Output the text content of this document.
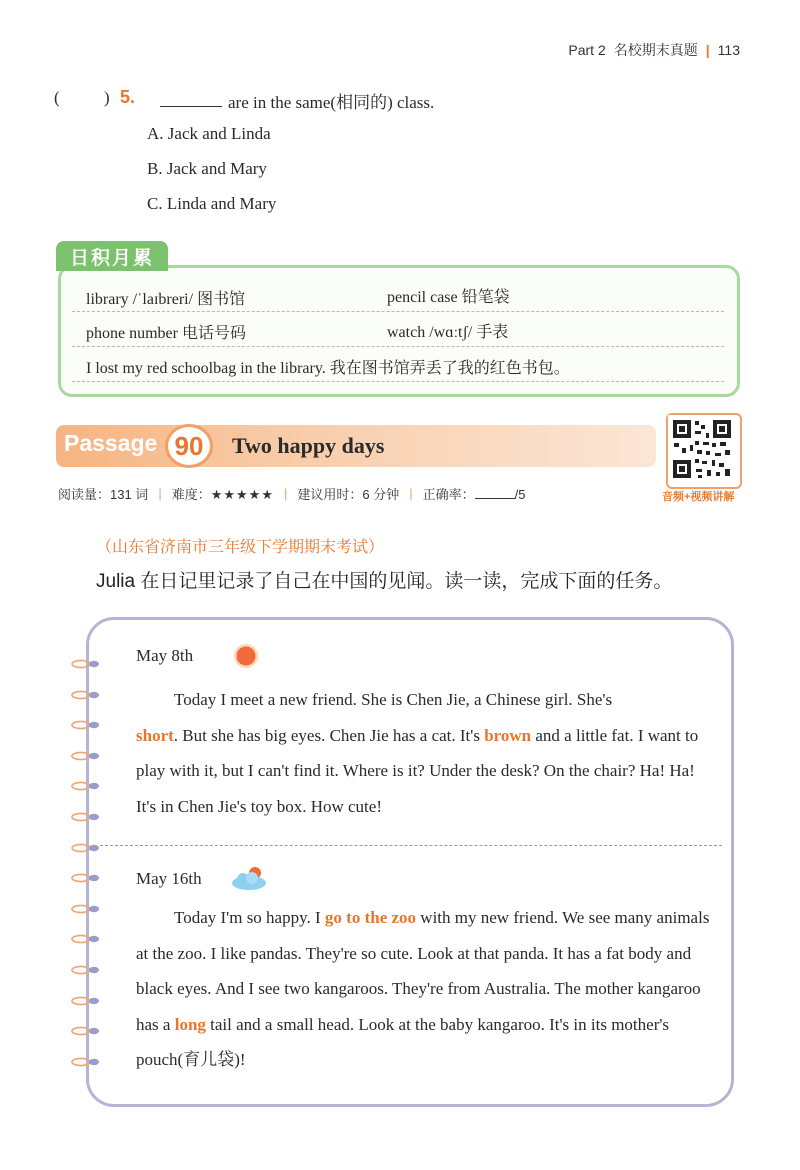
Part 2 名校期末真题 | 113
(	) 5.	are in the same(相同的) class.
A. Jack and Linda
B. Jack and Mary
C. Linda and Mary
日积月累
library /ˈlaɪbreri/ 图书馆	pencil case 铅笔袋
phone number 电话号码	watch /wɑːtʃ/ 手表
I lost my red schoolbag in the library. 我在图书馆弄丢了我的红色书包。
Passage 90	Two happy days
音频+视频讲解
阅读量：131 词 | 难度：★★★★★ | 建议用时：6 分钟 | 正确率：	/5
（山东省济南市三年级下学期期末考试）
Julia 在日记里记录了自己在中国的见闻。读一读，完成下面的任务。
May 8th
Today I meet a new friend. She is Chen Jie, a Chinese girl. She's
short. But she has big eyes. Chen Jie has a cat. It's brown and a little fat. I want to play with it, but I can't find it. Where is it? Under the desk? On the chair? Ha! Ha! It's in Chen Jie's toy box. How cute!
May 16th
Today I'm so happy. I go to the zoo with my new friend. We see many animals at the zoo. I like pandas. They're so cute. Look at that panda. It has a fat body and black eyes. And I see two kangaroos. They're from Australia. The mother kangaroo has a long tail and a small head. Look at the baby kangaroo. It's in its mother's pouch(育儿袋)!
